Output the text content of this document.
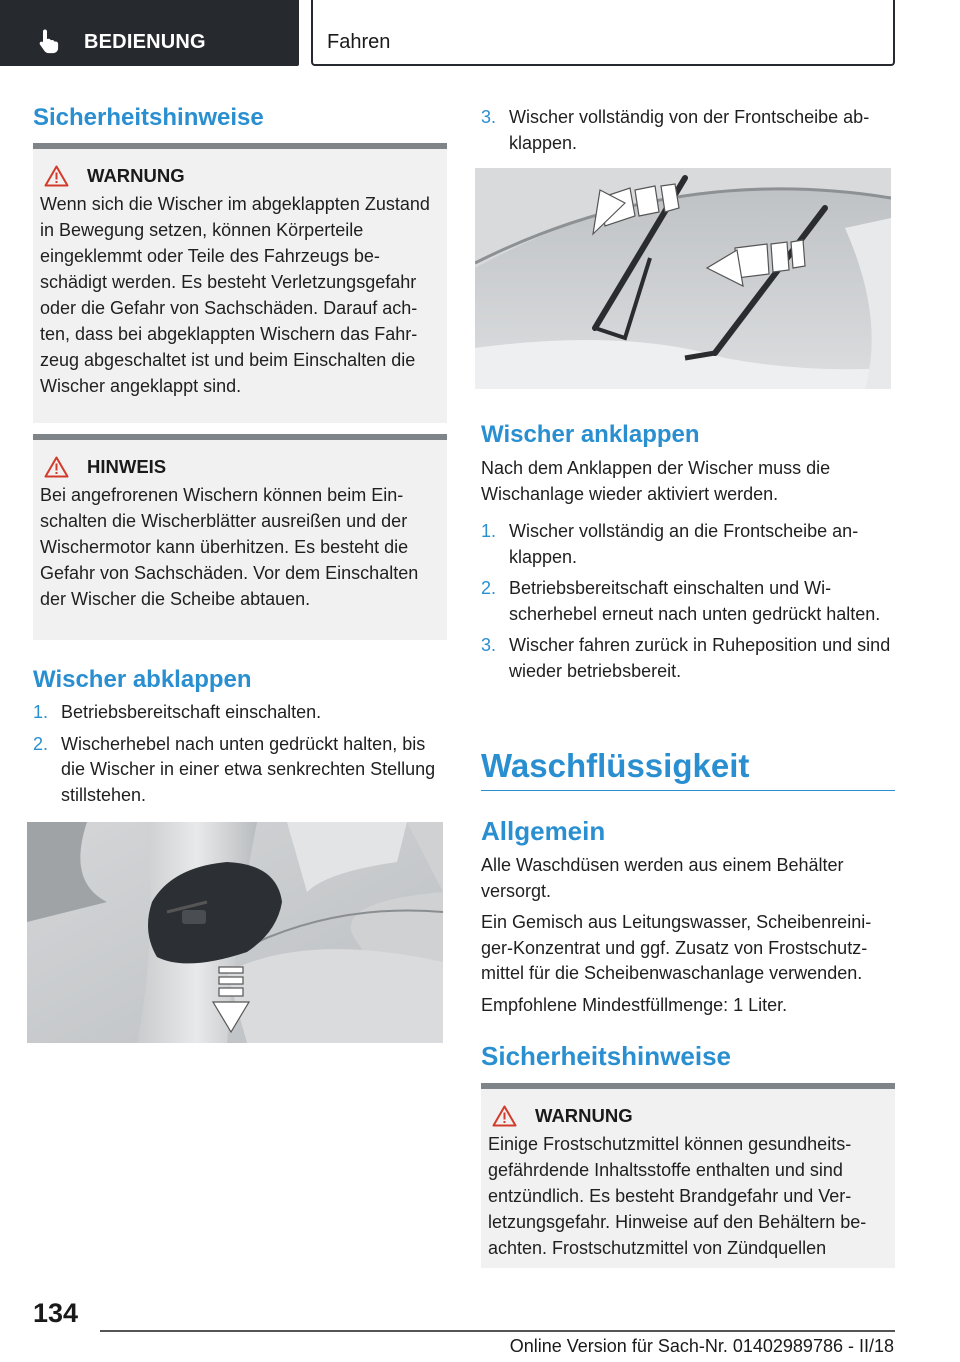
BEDIENUNG	Fahren
Sicherheitshinweise
WARNUNG
Wenn sich die Wischer im abgeklappten Zustand in Bewegung setzen, können Körperteile eingeklemmt oder Teile des Fahrzeugs beschädigt werden. Es besteht Verletzungsgefahr oder die Gefahr von Sachschäden. Darauf achten, dass bei abgeklappten Wischern das Fahrzeug abgeschaltet ist und beim Einschalten die Wischer angeklappt sind.
HINWEIS
Bei angefrorenen Wischern können beim Einschalten die Wischerblätter ausreißen und der Wischermotor kann überhitzen. Es besteht die Gefahr von Sachschäden. Vor dem Einschalten der Wischer die Scheibe abtauen.
Wischer abklappen
1. Betriebsbereitschaft einschalten.
2. Wischerhebel nach unten gedrückt halten, bis die Wischer in einer etwa senkrechten Stellung stillstehen.
3. Wischer vollständig von der Frontscheibe abklappen.
Wischer anklappen
Nach dem Anklappen der Wischer muss die Wischanlage wieder aktiviert werden.
1. Wischer vollständig an die Frontscheibe anklappen.
2. Betriebsbereitschaft einschalten und Wischerhebel erneut nach unten gedrückt halten.
3. Wischer fahren zurück in Ruheposition und sind wieder betriebsbereit.
Waschflüssigkeit
Allgemein
Alle Waschdüsen werden aus einem Behälter versorgt.
Ein Gemisch aus Leitungswasser, Scheibenreiniger-Konzentrat und ggf. Zusatz von Frostschutzmittel für die Scheibenwaschanlage verwenden.
Empfohlene Mindestfüllmenge: 1 Liter.
Sicherheitshinweise
WARNUNG
Einige Frostschutzmittel können gesundheitsgefährdende Inhaltsstoffe enthalten und sind entzündlich. Es besteht Brandgefahr und Verletzungsgefahr. Hinweise auf den Behältern beachten. Frostschutzmittel von Zündquellen
134
Online Version für Sach-Nr. 01402989786 - II/18
